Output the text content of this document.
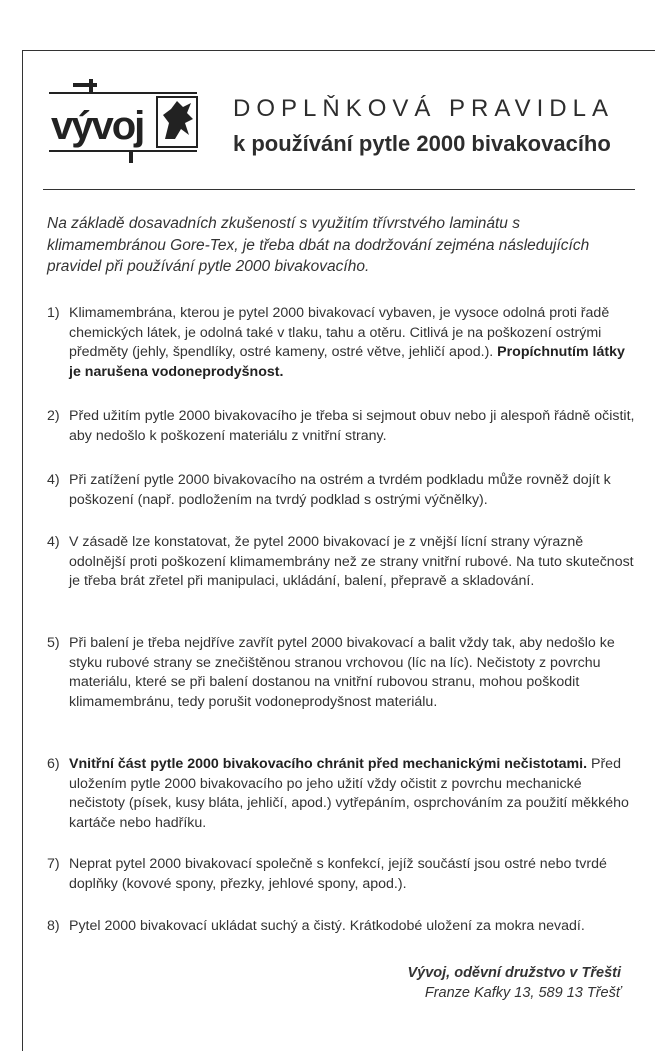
vývoj	DOPLŇKOVÁ PRAVIDLA
k používání pytle 2000 bivakovacího
Na základě dosavadních zkušeností s využitím třívrstvého laminátu s klimamembránou Gore-Tex, je třeba dbát na dodržování zejména následujících pravidel při používání pytle 2000 bivakovacího.
1) Klimamembrána, kterou je pytel 2000 bivakovací vybaven, je vysoce odolná proti řadě chemických látek, je odolná také v tlaku, tahu a otěru. Citlivá je na poškození ostrými předměty (jehly, špendlíky, ostré kameny, ostré větve, jehličí apod.). Propíchnutím látky je narušena vodoneprodyšnost.
2) Před užitím pytle 2000 bivakovacího je třeba si sejmout obuv nebo ji alespoň řádně očistit, aby nedošlo k poškození materiálu z vnitřní strany.
4) Při zatížení pytle 2000 bivakovacího na ostrém a tvrdém podkladu může rovněž dojít k poškození (např. podložením na tvrdý podklad s ostrými výčnělky).
4) V zásadě lze konstatovat, že pytel 2000 bivakovací je z vnější lícní strany výrazně odolnější proti poškození klimamembrány než ze strany vnitřní rubové. Na tuto skutečnost je třeba brát zřetel při manipulaci, ukládání, balení, přepravě a skladování.
5) Při balení je třeba nejdříve zavřít pytel 2000 bivakovací a balit vždy tak, aby nedošlo ke styku rubové strany se znečištěnou stranou vrchovou (líc na líc). Nečistoty z povrchu materiálu, které se při balení dostanou na vnitřní rubovou stranu, mohou poškodit klimamembránu, tedy porušit vodoneprodyšnost materiálu.
6) Vnitřní část pytle 2000 bivakovacího chránit před mechanickými nečistotami. Před uložením pytle 2000 bivakovacího po jeho užití vždy očistit z povrchu mechanické nečistoty (písek, kusy bláta, jehličí, apod.) vytřepáním, osprchováním za použití měkkého kartáče nebo hadříku.
7) Neprat pytel 2000 bivakovací společně s konfekcí, jejíž součástí jsou ostré nebo tvrdé doplňky (kovové spony, přezky, jehlové spony, apod.).
8) Pytel 2000 bivakovací ukládat suchý a čistý. Krátkodobé uložení za mokra nevadí.
Vývoj, oděvní družstvo v Třešti
Franze Kafky 13, 589 13 Třešť
